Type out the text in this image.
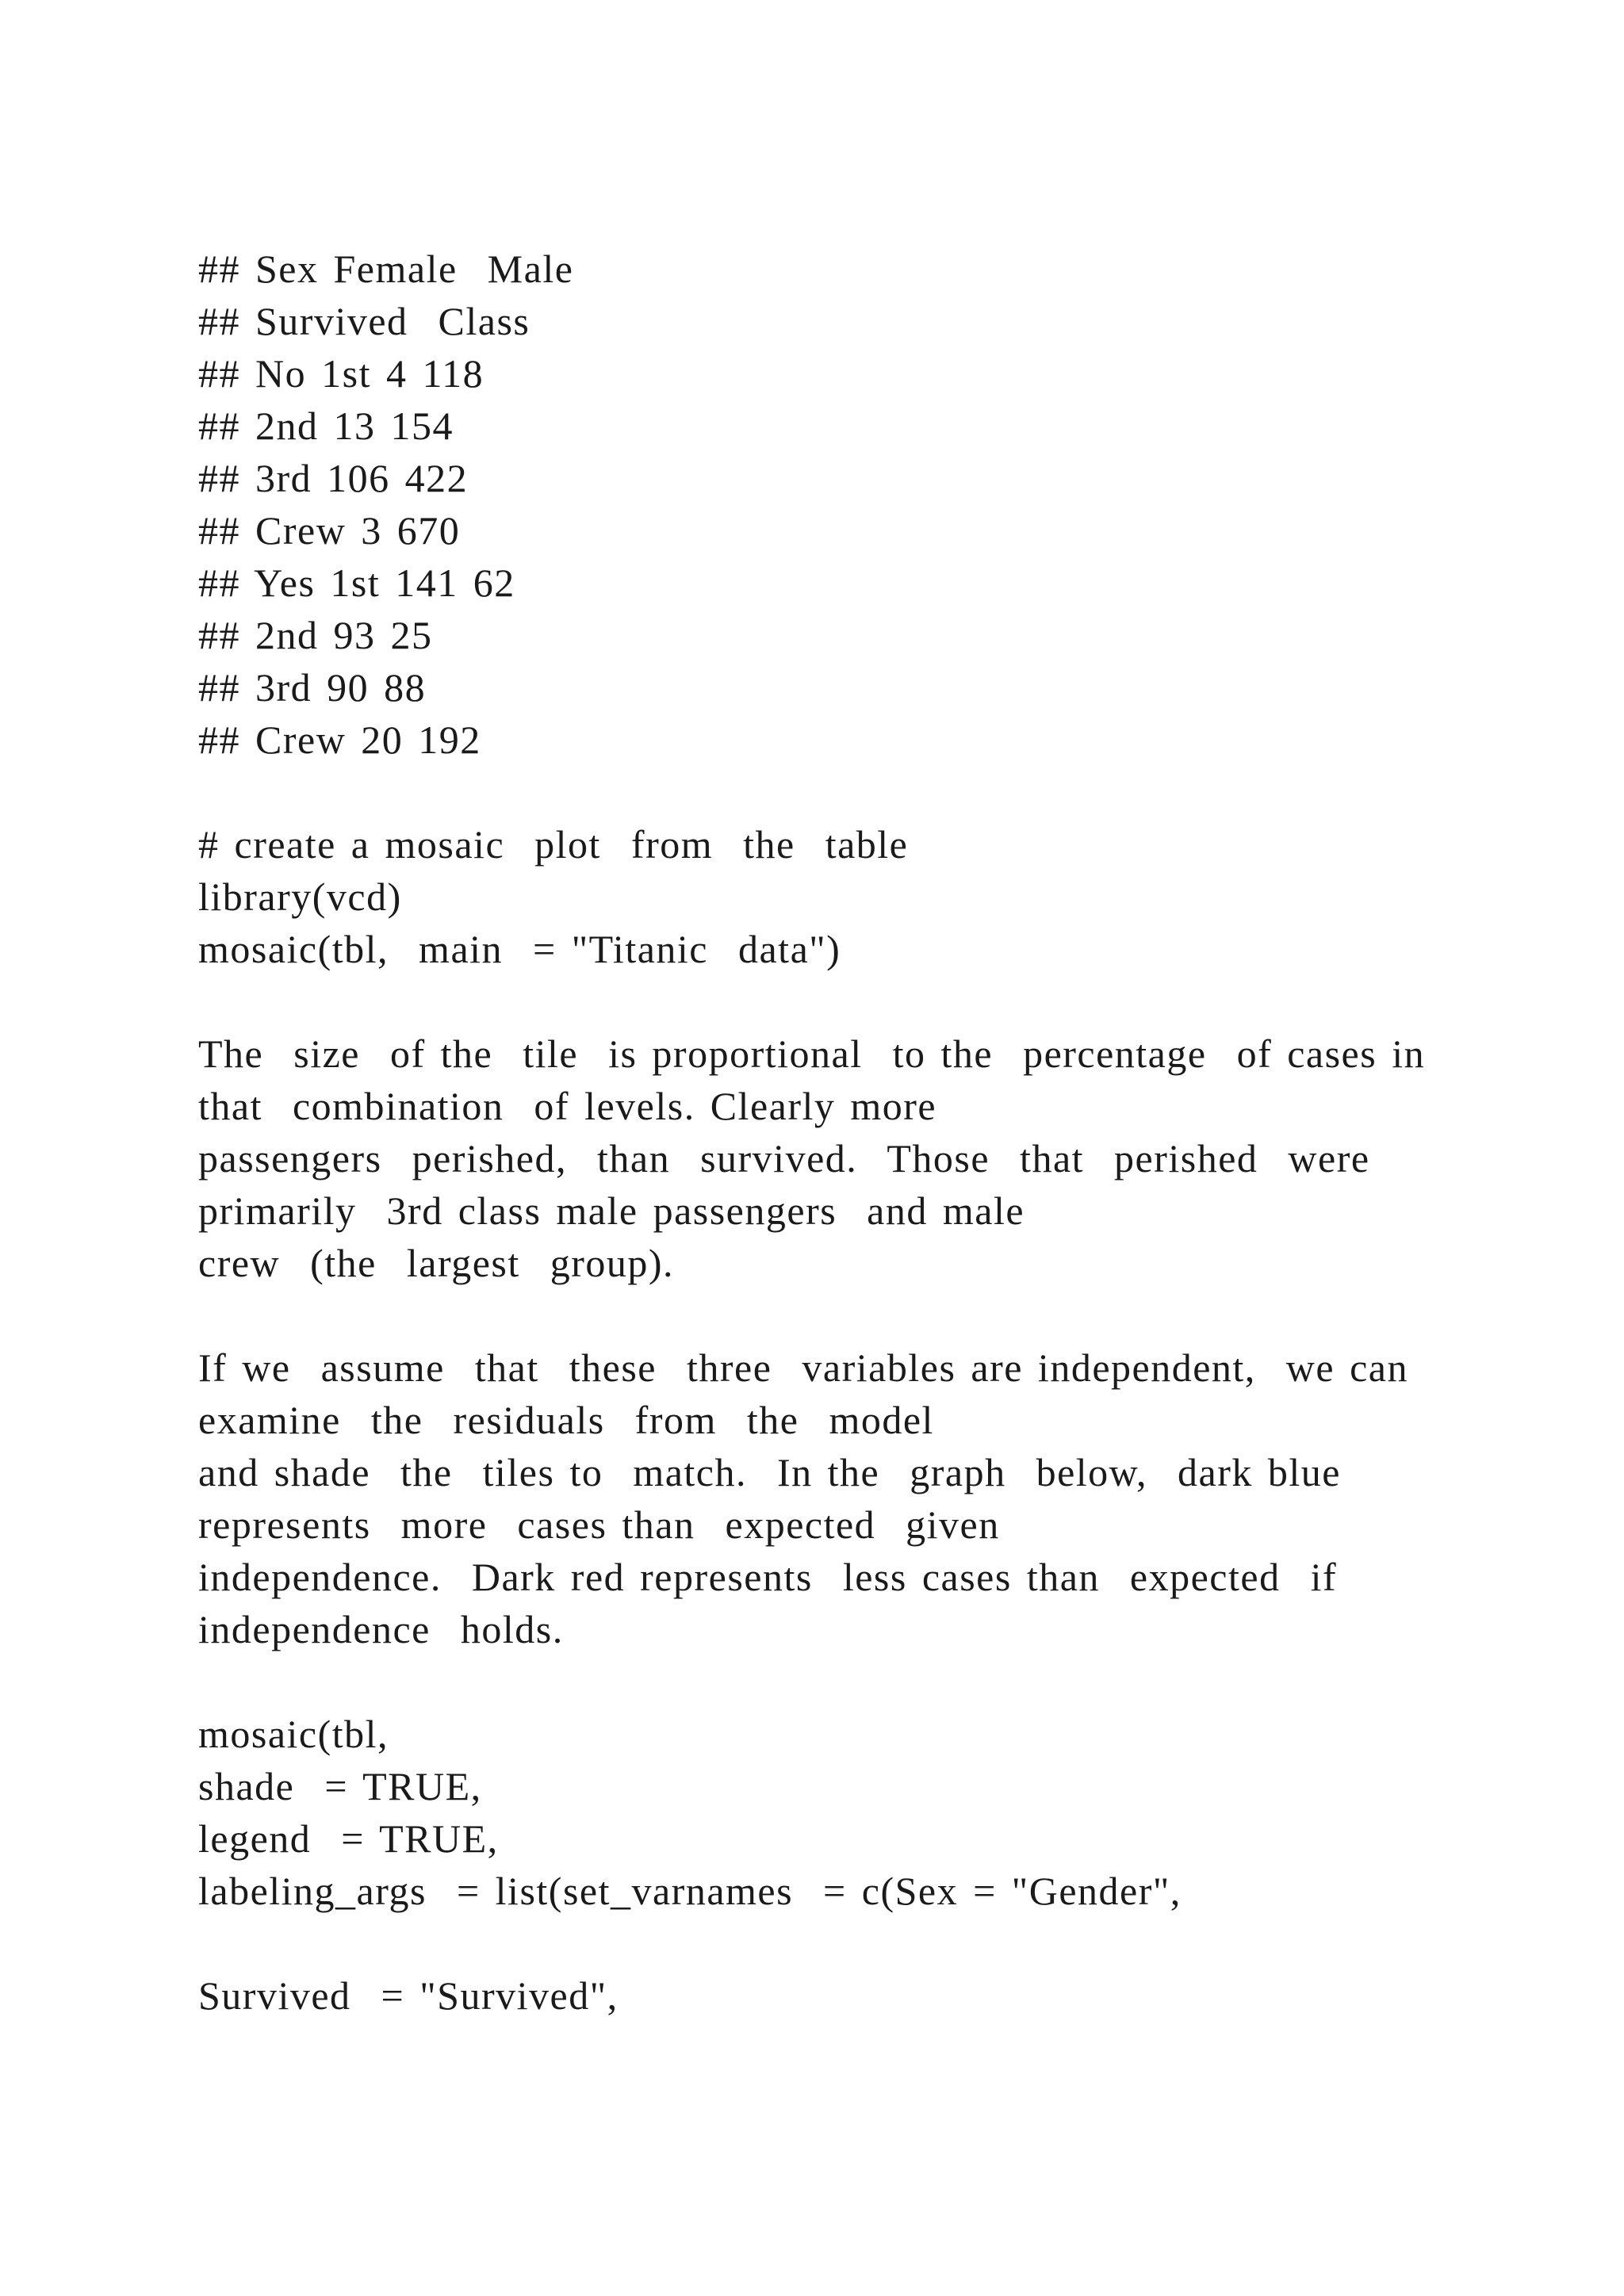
## Sex Female  Male
## Survived  Class
## No 1st 4 118
## 2nd 13 154
## 3rd 106 422
## Crew 3 670
## Yes 1st 141 62
## 2nd 93 25
## 3rd 90 88
## Crew 20 192
# create a mosaic  plot  from  the  table
library(vcd)
mosaic(tbl,  main  = "Titanic  data")
The  size  of the  tile  is proportional  to the  percentage  of cases in
that  combination  of levels. Clearly more
passengers  perished,  than  survived.  Those  that  perished  were
primarily  3rd class male passengers  and male
crew  (the  largest  group).
If we  assume  that  these  three  variables are independent,  we can
examine  the  residuals  from  the  model
and shade  the  tiles to  match.  In the  graph  below,  dark blue
represents  more  cases than  expected  given
independence.  Dark red represents  less cases than  expected  if
independence  holds.
mosaic(tbl,
shade  = TRUE,
legend  = TRUE,
labeling_args  = list(set_varnames  = c(Sex = "Gender",
Survived  = "Survived",
